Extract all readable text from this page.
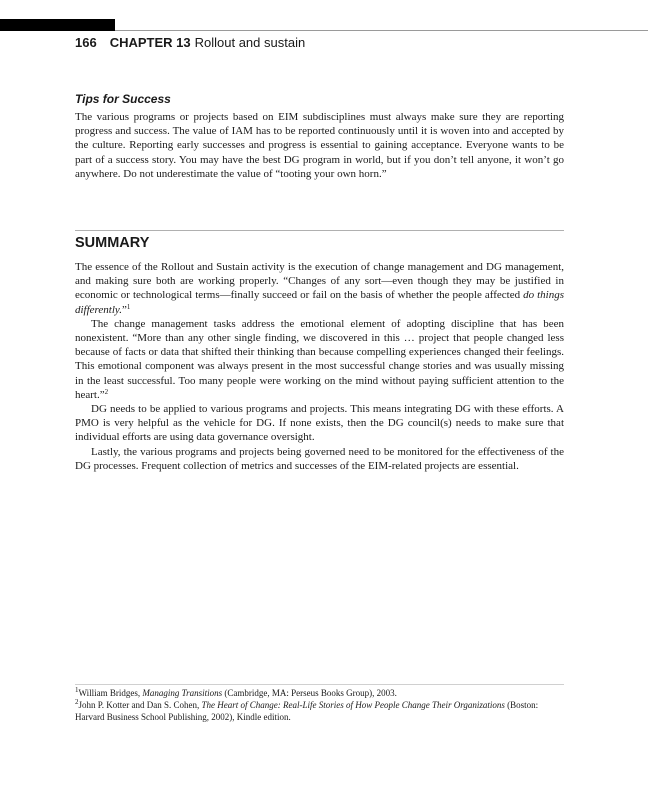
166 CHAPTER 13 Rollout and sustain
Tips for Success
The various programs or projects based on EIM subdisciplines must always make sure they are reporting progress and success. The value of IAM has to be reported continuously until it is woven into and accepted by the culture. Reporting early successes and progress is essential to gaining acceptance. Everyone wants to be part of a success story. You may have the best DG program in world, but if you don’t tell anyone, it won’t go anywhere. Do not underestimate the value of “tooting your own horn.”
SUMMARY

The essence of the Rollout and Sustain activity is the execution of change management and DG management, and making sure both are working properly. “Changes of any sort—even though they may be justified in economic or technological terms—finally succeed or fail on the basis of whether the people affected do things differently.”$^1$

The change management tasks address the emotional element of adopting discipline that has been nonexistent. “More than any other single finding, we discovered in this … project that people changed less because of facts or data that shifted their thinking than because compelling experiences changed their feelings. This emotional component was always present in the most successful change stories and was usually missing in the least successful. Too many people were working on the mind without paying sufficient attention to the heart.”$^2$

DG needs to be applied to various programs and projects. This means integrating DG with these efforts. A PMO is very helpful as the vehicle for DG. If none exists, then the DG council(s) needs to make sure that individual efforts are using data governance oversight.

Lastly, the various programs and projects being governed need to be monitored for the effectiveness of the DG processes. Frequent collection of metrics and successes of the EIM-related projects are essential.

$^1$William Bridges, Managing Transitions (Cambridge, MA: Perseus Books Group), 2003.

$^2$John P. Kotter and Dan S. Cohen, The Heart of Change: Real-Life Stories of How People Change Their Organizations (Boston: Harvard Business School Publishing, 2002), Kindle edition.
